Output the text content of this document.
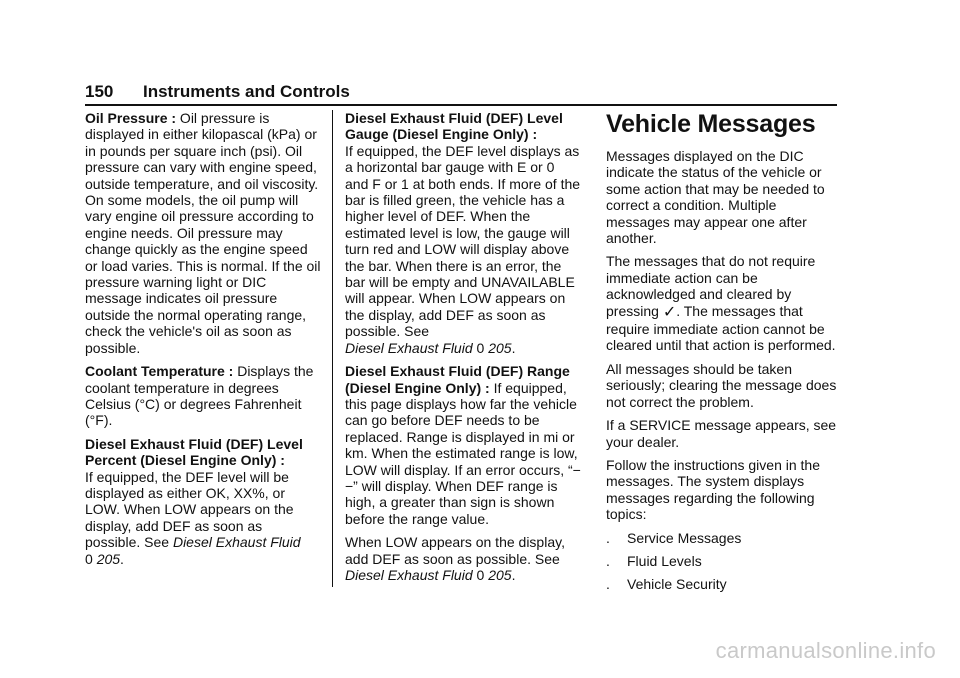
150 Instruments and Controls

Oil Pressure : Oil pressure is displayed in either kilopascal (kPa) or in pounds per square inch (psi). Oil pressure can vary with engine speed, outside temperature, and oil viscosity. On some models, the oil pump will vary engine oil pressure according to engine needs. Oil pressure may change quickly as the engine speed or load varies. This is normal. If the oil pressure warning light or DIC message indicates oil pressure outside the normal operating range, check the vehicle's oil as soon as possible.

Coolant Temperature : Displays the coolant temperature in degrees Celsius (°C) or degrees Fahrenheit (°F).

Diesel Exhaust Fluid (DEF) Level Percent (Diesel Engine Only) :
If equipped, the DEF level will be displayed as either OK, XX%, or LOW. When LOW appears on the display, add DEF as soon as possible. See Diesel Exhaust Fluid
0 205.

Diesel Exhaust Fluid (DEF) Level Gauge (Diesel Engine Only) :
If equipped, the DEF level displays as a horizontal bar gauge with E or 0 and F or 1 at both ends. If more of the bar is filled green, the vehicle has a higher level of DEF. When the estimated level is low, the gauge will turn red and LOW will display above the bar. When there is an error, the bar will be empty and UNAVAILABLE will appear. When LOW appears on the display, add DEF as soon as possible. See
Diesel Exhaust Fluid 0 205.

Diesel Exhaust Fluid (DEF) Range (Diesel Engine Only) : If equipped, this page displays how far the vehicle can go before DEF needs to be replaced. Range is displayed in mi or km. When the estimated range is low, LOW will display. If an error occurs, “−−” will display. When DEF range is high, a greater than sign is shown before the range value.

When LOW appears on the display, add DEF as soon as possible. See
Diesel Exhaust Fluid 0 205.

Vehicle Messages

Messages displayed on the DIC indicate the status of the vehicle or some action that may be needed to correct a condition. Multiple messages may appear one after another.

The messages that do not require immediate action can be acknowledged and cleared by pressing ✓. The messages that require immediate action cannot be cleared until that action is performed.

All messages should be taken seriously; clearing the message does not correct the problem.

If a SERVICE message appears, see your dealer.

Follow the instructions given in the messages. The system displays messages regarding the following topics:

. Service Messages
. Fluid Levels
. Vehicle Security
carmanualsonline.info
